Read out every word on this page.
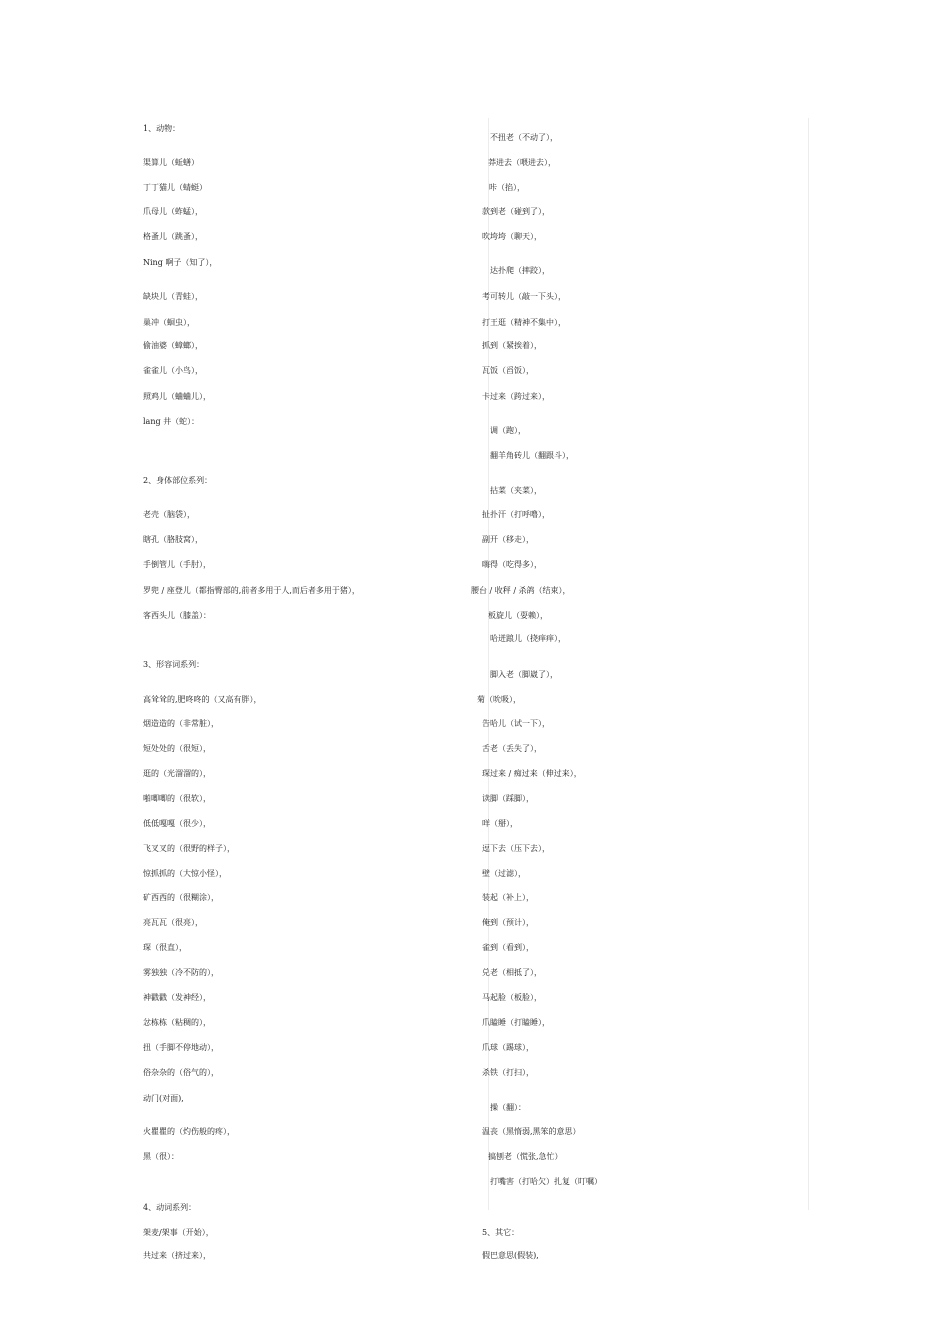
1、动物：
渠算儿（蚯蟮）
丁丁猫儿（蜻蜓）
爪母儿（蚱蜢），
格蚤儿（跳蚤），
Ning 啊子（知了），
缺块儿（青蛙），
巢冲（蛔虫），
偷油婆（蟑螂），
雀雀儿（小鸟），
照鸡儿（蛐蛐儿），
lang 井（蛇）：
2、身体部位系列：
老壳（脑袋），
瞎孔（胳肢窝），
手倒管儿（手肘），
罗兜 / 座登儿（都指臀部的,前者多用于人,而后者多用于猪），
客西头儿（膝盖）：
3、形容词系列：
高耸耸的,肥咚咚的（又高有胖），
烟造造的（非常脏），
短处处的（很短），
逛的（光溜溜的），
啪唧唧的（很软），
低低嘎嘎（很少），
飞叉叉的（很野的样子），
惊抓抓的（大惊小怪），
矿西西的（很糊涂），
亮瓦瓦（很亮），
琛（很直），
雾独独（冷不防的），
神戳戳（发神经），
忿栋栋（粘稠的），
扭（手脚不停地动），
俗杂杂的（俗气的），
动门(对面),
火瞿瞿的（灼伤般的疼），
黑（很）：
4、动词系列：
架麦/架事（开始），
共过来（挤过来），
不扭老（不动了），
莽进去（喂进去），
咔（掐），
款到老（碰到了），
吹垮垮（聊天），
达扑爬（摔跤），
考可转儿（敲一下头），
打王逛（精神不集中），
抓到（紧挨着），
瓦饭（舀饭），
卡过来（跨过来），
调（跑），
翻羊角砖儿（翻跟斗），
拈菜（夹菜），
扯扑汗（打呼噜），
副开（移走），
嗨得（吃得多），
腰台 / 收秤 / 杀鸽（结束），
板旋儿（耍赖），
哈迸踉儿（挠痒痒），
脚入老（脚崴了），
菊（吮吸），
告哈儿（试一下），
舌老（丢失了），
琛过来 / 痴过来（伸过来），
读脚（踩脚），
咩（掰），
逗下去（压下去），
壁（过滤），
装起（补上），
俺到（预计），
雀到（看到），
兑老（相抵了），
马起脸（板脸），
爪瞌睡（打瞌睡），
爪球（踢球），
杀铁（打扫），
操（翻）：
温丧（黑惰弱,黑笨的意思）
搞刨老（慌张,急忙）
打嘴害（打哈欠）扎复（叮嘱）
5、其它：
假巴意思(假装),
